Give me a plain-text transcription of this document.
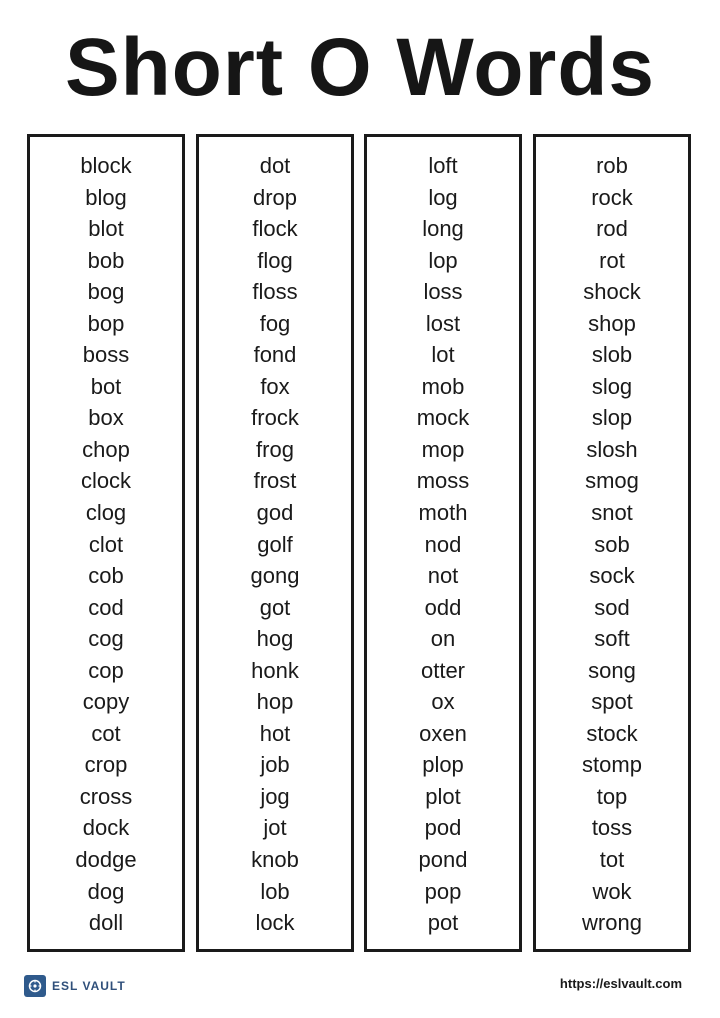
Short O Words
block
blog
blot
bob
bog
bop
boss
bot
box
chop
clock
clog
clot
cob
cod
cog
cop
copy
cot
crop
cross
dock
dodge
dog
doll
dot
drop
flock
flog
floss
fog
fond
fox
frock
frog
frost
god
golf
gong
got
hog
honk
hop
hot
job
jog
jot
knob
lob
lock
loft
log
long
lop
loss
lost
lot
mob
mock
mop
moss
moth
nod
not
odd
on
otter
ox
oxen
plop
plot
pod
pond
pop
pot
rob
rock
rod
rot
shock
shop
slob
slog
slop
slosh
smog
snot
sob
sock
sod
soft
song
spot
stock
stomp
top
toss
tot
wok
wrong
ESL VAULT	https://eslvault.com
